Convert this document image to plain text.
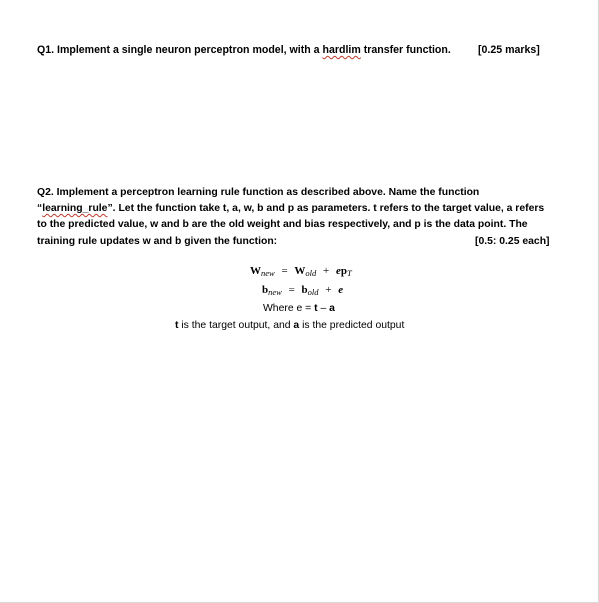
Q1. Implement a single neuron perceptron model, with a hardlim transfer function.	[0.25 marks]
Q2. Implement a perceptron learning rule function as described above. Name the function
“learning_rule”. Let the function take t, a, w, b and p as parameters. t refers to the target value, a refers
to the predicted value, w and b are the old weight and bias respectively, and p is the data point. The
training rule updates w and b given the function:	[0.5: 0.25 each]
$W_{new} = W_{old} + ep_T$
$b_{new} = b_{old} + e$
Where e = t – a
t is the target output, and a is the predicted output
